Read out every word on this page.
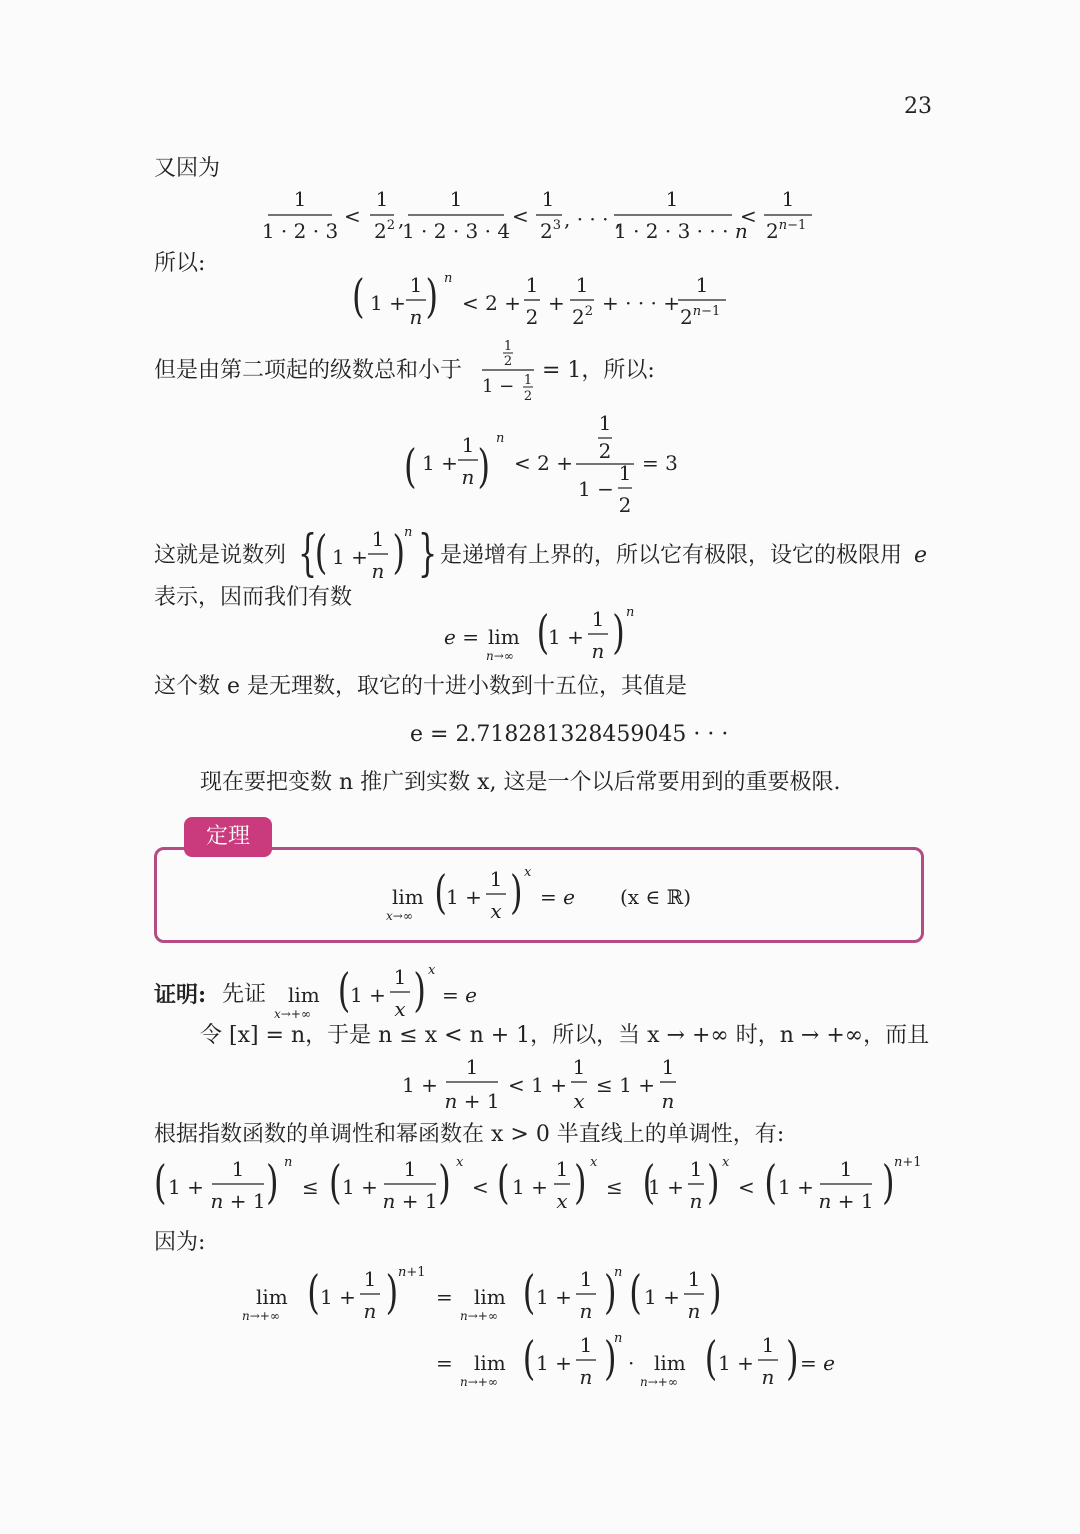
23
又因为
1
1 · 2 · 3
<
1
$2^2$ ,
1
1 · 2 · 3 · 4
<
1
$2^3$ , · · · ,
1
1 · 2 · 3 · · · n
<
1
$2^n-1$
所以:
( 1 +
1
n ) n
< 2 +
1
2
+
1
$2^2$ + · · · +
1
$2^n-1$
但是由第二项起的级数总和小于
1
2
1 − 1
2
= 1，所以:
( 1 +
1
n )
n
< 2 +
1
2
1 −
1
2
= 3
这就是说数列 {
( 1 +
1
n )
n } 是递增有上界的，所以它有极限，设它的极限用 e
表示，因而我们有数
e = lim
n→∞ (
1 +
1
n ) n
这个数 e 是无理数，取它的十进小数到十五位，其值是
e = 2.718281328459045 · · ·
现在要把变数 n 推广到实数 x, 这是一个以后常要用到的重要极限.
定理
lim
x→∞ ( 1 +
1
x ) x
= e (x ∈ ℝ)
证明: 先证 lim
x→+∞ ( 1 +
1
x ) x
= e
令 [x] = n，于是 n ≤ x < n + 1，所以，当 x → +∞ 时，n → +∞，而且
1 +
1
n + 1
< 1 +
1
x
≤ 1 +
1
n
根据指数函数的单调性和幂函数在 x > 0 半直线上的单调性，有:
( 1 +
1
n + 1 ) n
≤ ( 1 +
1
n + 1 ) x
< ( 1 +
1
x ) x
≤ (
1 +
1
n ) x
< ( 1 +
1
n + 1 ) n+1
因为:
lim
n→+∞ ( 1 +
1
n ) n+1
= lim
n→+∞ ( 1 +
1
n )
n ( 1 +
1
n )
= lim
n→+∞ ( 1 +
1
n )
n
· lim
n→+∞ ( 1 +
1
n ) = e
